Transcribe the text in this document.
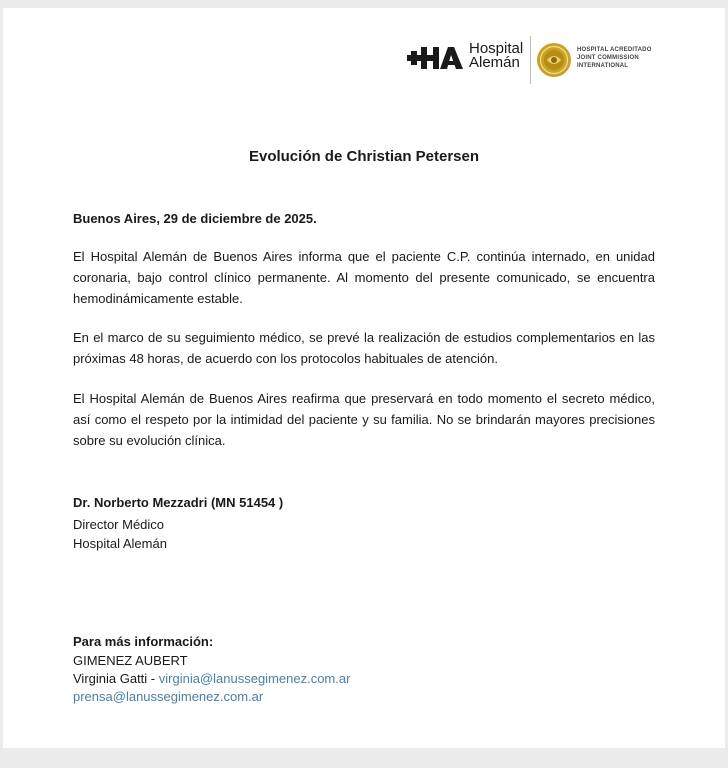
Hospital
Alemán
HOSPITAL ACREDITADO
JOINT COMMISSION
INTERNATIONAL
Evolución de Christian Petersen
Buenos Aires, 29 de diciembre de 2025.
El Hospital Alemán de Buenos Aires informa que el paciente C.P. continúa internado, en unidad coronaria, bajo control clínico permanente. Al momento del presente comunicado, se encuentra hemodinámicamente estable.
En el marco de su seguimiento médico, se prevé la realización de estudios complementarios en las próximas 48 horas, de acuerdo con los protocolos habituales de atención.
El Hospital Alemán de Buenos Aires reafirma que preservará en todo momento el secreto médico, así como el respeto por la intimidad del paciente y su familia. No se brindarán mayores precisiones sobre su evolución clínica.
Dr. Norberto Mezzadri (MN 51454 )
Director Médico
Hospital Alemán
Para más información:
GIMENEZ AUBERT
Virginia Gatti - virginia@lanussegimenez.com.ar
prensa@lanussegimenez.com.ar
